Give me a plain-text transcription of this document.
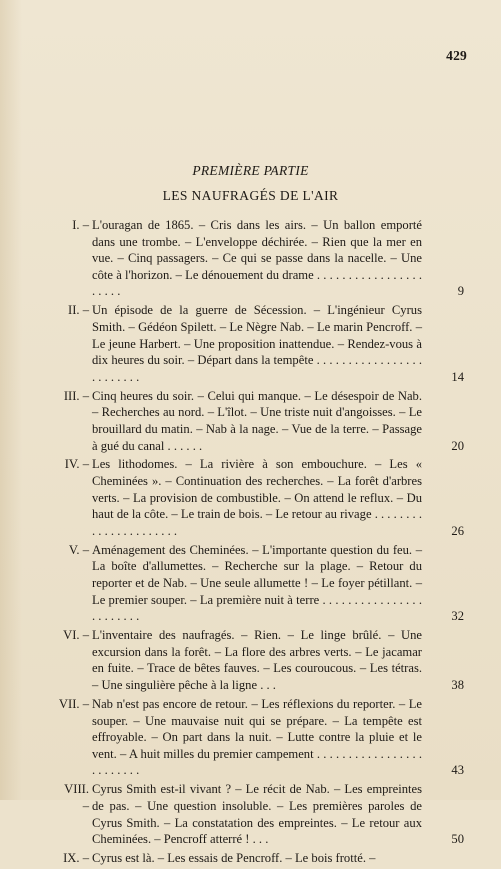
429
PREMIÈRE PARTIE
LES NAUFRAGÉS DE L'AIR
I. – L'ouragan de 1865. – Cris dans les airs. – Un ballon emporté dans une trombe. – L'enveloppe déchirée. – Rien que la mer en vue. – Cinq passagers. – Ce qui se passe dans la nacelle. – Une côte à l'horizon. – Le dénouement du drame . . . . . . . . . . . . . . . . . . . . . .	9
II. – Un épisode de la guerre de Sécession. – L'ingénieur Cyrus Smith. – Gédéon Spilett. – Le Nègre Nab. – Le marin Pencroff. – Le jeune Harbert. – Une proposition inattendue. – Rendez-vous à dix heures du soir. – Départ dans la tempête . . . . . . . . . . . . . . . . . . . . . . . . .	14
III. – Cinq heures du soir. – Celui qui manque. – Le désespoir de Nab. – Recherches au nord. – L'îlot. – Une triste nuit d'angoisses. – Le brouillard du matin. – Nab à la nage. – Vue de la terre. – Passage à gué du canal . . . . . .	20
IV. – Les lithodomes. – La rivière à son embouchure. – Les « Cheminées ». – Continuation des recherches. – La forêt d'arbres verts. – La provision de combustible. – On attend le reflux. – Du haut de la côte. – Le train de bois. – Le retour au rivage . . . . . . . . . . . . . . . . . . . . . .	26
V. – Aménagement des Cheminées. – L'importante question du feu. – La boîte d'allumettes. – Recherche sur la plage. – Retour du reporter et de Nab. – Une seule allumette ! – Le foyer pétillant. – Le premier souper. – La première nuit à terre . . . . . . . . . . . . . . . . . . . . . . . .	32
VI. – L'inventaire des naufragés. – Rien. – Le linge brûlé. – Une excursion dans la forêt. – La flore des arbres verts. – Le jacamar en fuite. – Trace de bêtes fauves. – Les couroucous. – Les tétras. – Une singulière pêche à la ligne . . .	38
VII. – Nab n'est pas encore de retour. – Les réflexions du reporter. – Le souper. – Une mauvaise nuit qui se prépare. – La tempête est effroyable. – On part dans la nuit. – Lutte contre la pluie et le vent. – A huit milles du premier campement . . . . . . . . . . . . . . . . . . . . . . . . .	43
VIII. –
Cyrus Smith est-il vivant ? – Le récit de Nab. – Les empreintes de pas. – Une question insoluble. – Les premières paroles de Cyrus Smith. – La constatation des empreintes. – Le retour aux Cheminées. – Pencroff atterré ! . . .	50
IX. – Cyrus est là. – Les essais de Pencroff. – Le bois frotté. –
